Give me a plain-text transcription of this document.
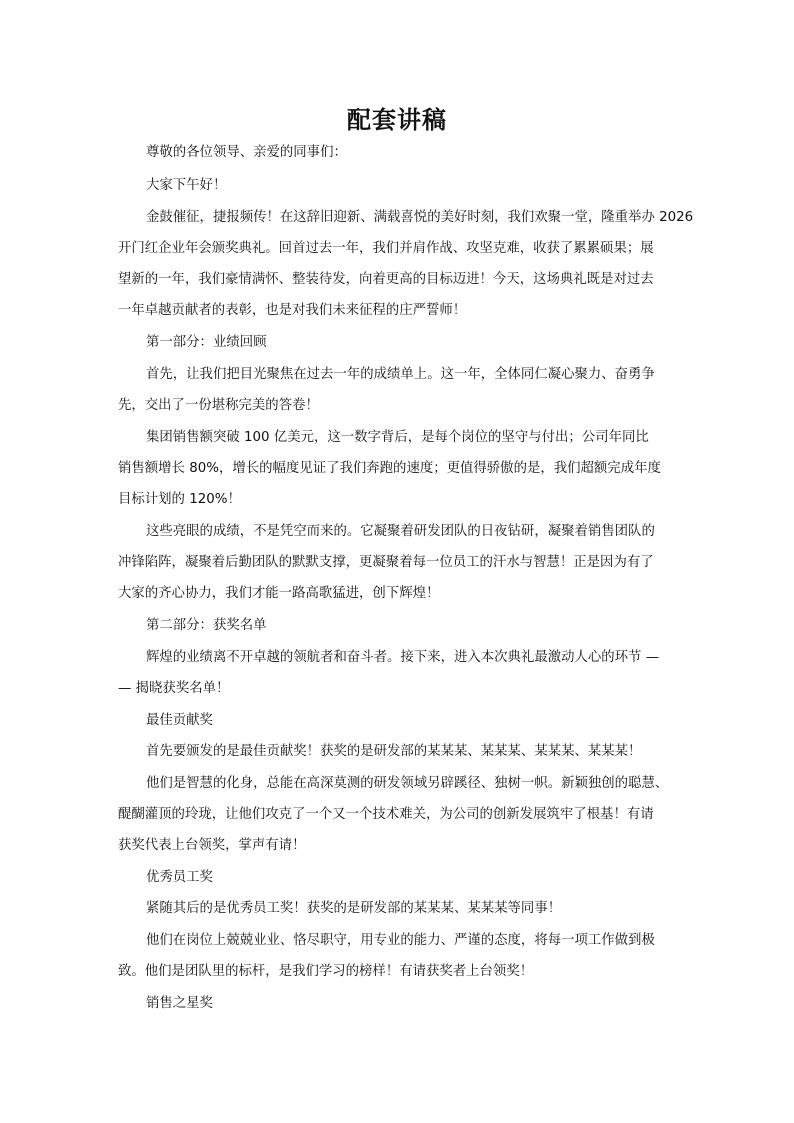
配套讲稿
尊敬的各位领导、亲爱的同事们：
大家下午好！
金鼓催征，捷报频传！在这辞旧迎新、满载喜悦的美好时刻，我们欢聚一堂，隆重举办 2026
开门红企业年会颁奖典礼。回首过去一年，我们并肩作战、攻坚克难，收获了累累硕果；展
望新的一年，我们豪情满怀、整装待发，向着更高的目标迈进！今天，这场典礼既是对过去
一年卓越贡献者的表彰，也是对我们未来征程的庄严誓师！
第一部分：业绩回顾
首先，让我们把目光聚焦在过去一年的成绩单上。这一年，全体同仁凝心聚力、奋勇争
先，交出了一份堪称完美的答卷！
集团销售额突破 100 亿美元，这一数字背后，是每个岗位的坚守与付出；公司年同比
销售额增长 80%，增长的幅度见证了我们奔跑的速度；更值得骄傲的是，我们超额完成年度
目标计划的 120%！
这些亮眼的成绩，不是凭空而来的。它凝聚着研发团队的日夜钻研，凝聚着销售团队的
冲锋陷阵，凝聚着后勤团队的默默支撑，更凝聚着每一位员工的汗水与智慧！正是因为有了
大家的齐心协力，我们才能一路高歌猛进，创下辉煌！
第二部分：获奖名单
辉煌的业绩离不开卓越的领航者和奋斗者。接下来，进入本次典礼最激动人心的环节 —
— 揭晓获奖名单！
最佳贡献奖
首先要颁发的是最佳贡献奖！获奖的是研发部的某某某、某某某、某某某、某某某！
他们是智慧的化身，总能在高深莫测的研发领域另辟蹊径、独树一帜。新颖独创的聪慧、
醍醐灌顶的玲珑，让他们攻克了一个又一个技术难关，为公司的创新发展筑牢了根基！有请
获奖代表上台领奖，掌声有请！
优秀员工奖
紧随其后的是优秀员工奖！获奖的是研发部的某某某、某某某等同事！
他们在岗位上兢兢业业、恪尽职守，用专业的能力、严谨的态度，将每一项工作做到极
致。他们是团队里的标杆，是我们学习的榜样！有请获奖者上台领奖！
销售之星奖
